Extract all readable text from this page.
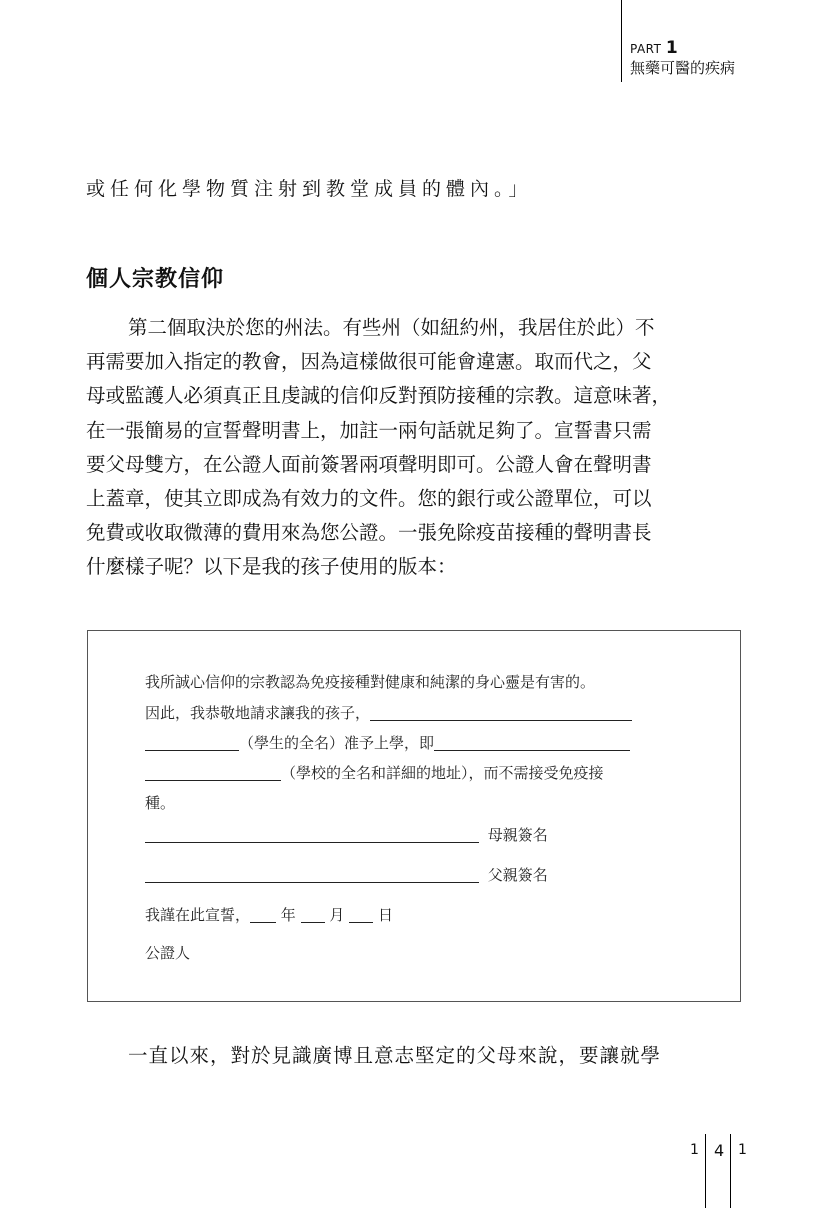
PART 1
無藥可醫的疾病
或任何化學物質注射到教堂成員的體內。」
個人宗教信仰
第二個取決於您的州法。有些州（如紐約州，我居住於此）不
再需要加入指定的教會，因為這樣做很可能會違憲。取而代之，父
母或監護人必須真正且虔誠的信仰反對預防接種的宗教。這意味著，
在一張簡易的宣誓聲明書上，加註一兩句話就足夠了。宣誓書只需
要父母雙方，在公證人面前簽署兩項聲明即可。公證人會在聲明書
上蓋章，使其立即成為有效力的文件。您的銀行或公證單位，可以
免費或收取微薄的費用來為您公證。一張免除疫苗接種的聲明書長
什麼樣子呢？以下是我的孩子使用的版本：
我所誠心信仰的宗教認為免疫接種對健康和純潔的身心靈是有害的。
因此，我恭敬地請求讓我的孩子，
（學生的全名）准予上學，即
（學校的全名和詳細的地址），而不需接受免疫接
種。
母親簽名
父親簽名
我謹在此宣誓， 年 月 日
公證人
一直以來，對於見識廣博且意志堅定的父母來說，要讓就學
1 4 1
